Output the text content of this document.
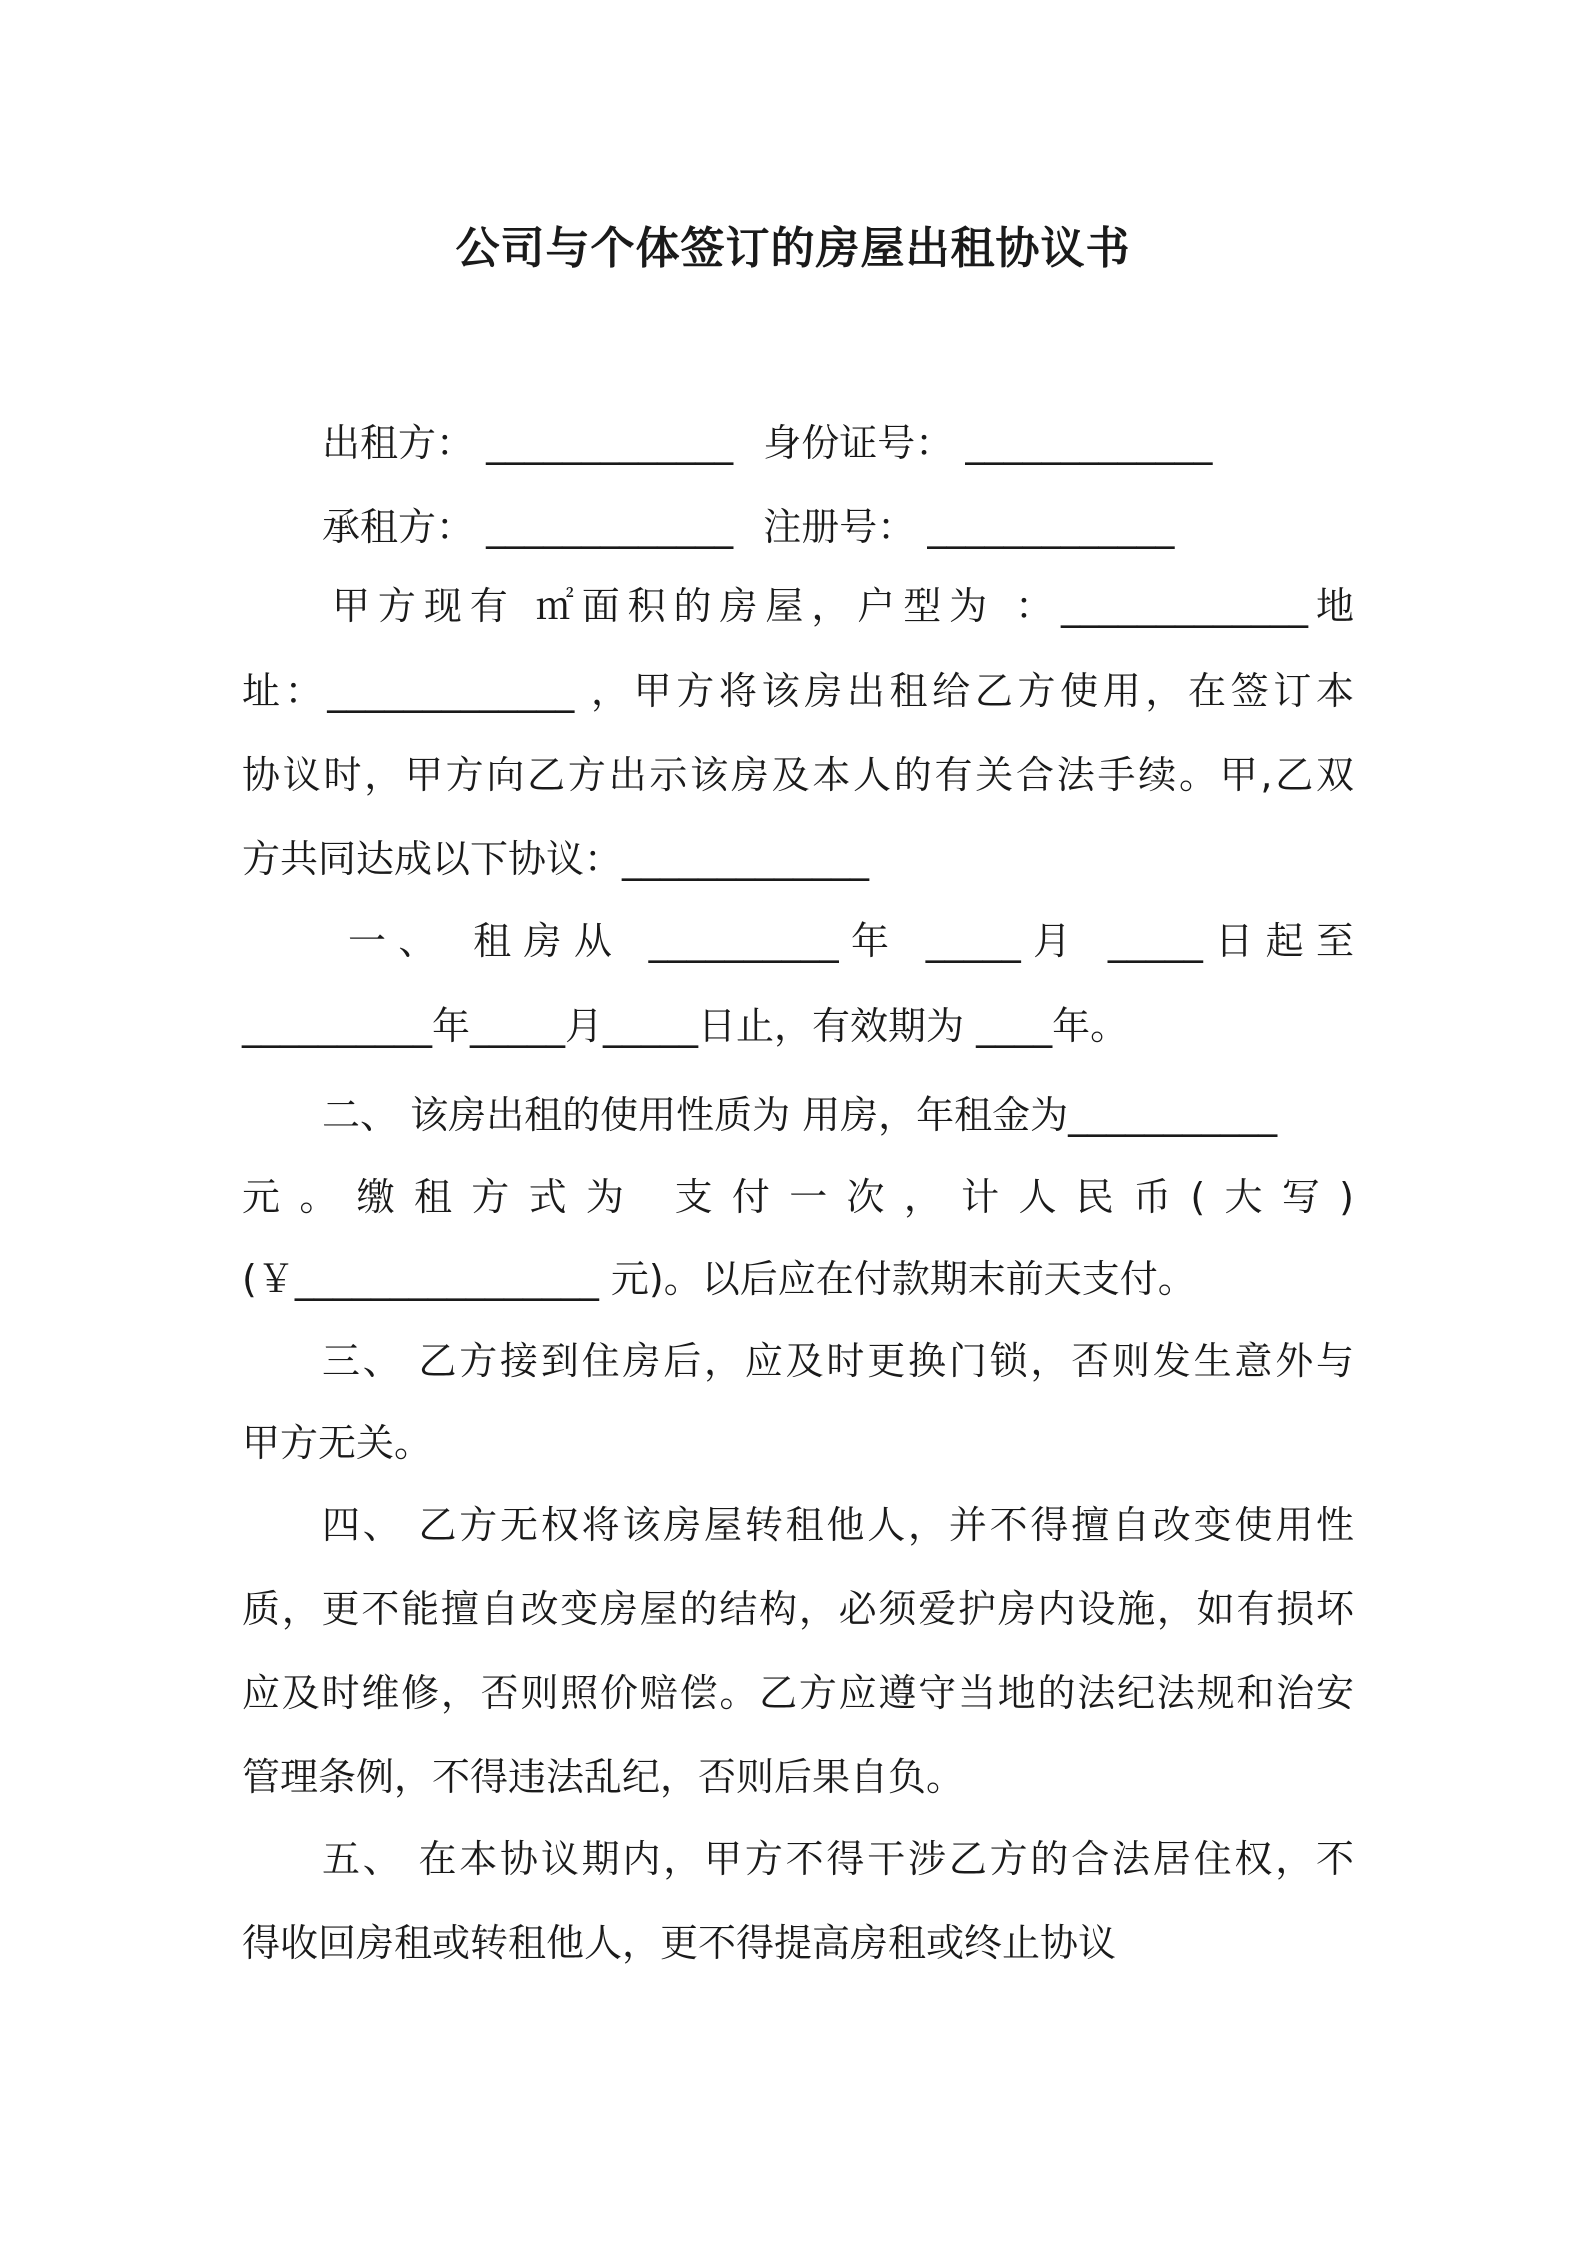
公司与个体签订的房屋出租协议书

出租方： _____________ 身份证号： _____________

承租方： _____________ 注册号： _____________

甲方现有 ㎡面积的房屋，户型为 ：_____________地

址：_____________ ，甲方将该房出租给乙方使用，在签订本

协议时，甲方向乙方出示该房及本人的有关合法手续。甲,乙双

方共同达成以下协议：_____________

一、 租房从 __________年 _____月 _____日起至

__________年_____月_____日止，有效期为 ____年。

二、 该房出租的使用性质为 用房，年租金为___________

元。缴租方式为 支付一次，计人民币(大写)

(￥________________ 元)。以后应在付款期末前天支付。

三、 乙方接到住房后，应及时更换门锁，否则发生意外与

甲方无关。

四、 乙方无权将该房屋转租他人，并不得擅自改变使用性

质，更不能擅自改变房屋的结构，必须爱护房内设施，如有损坏

应及时维修，否则照价赔偿。乙方应遵守当地的法纪法规和治安

管理条例，不得违法乱纪，否则后果自负。

五、 在本协议期内，甲方不得干涉乙方的合法居住权，不

得收回房租或转租他人，更不得提高房租或终止协议
